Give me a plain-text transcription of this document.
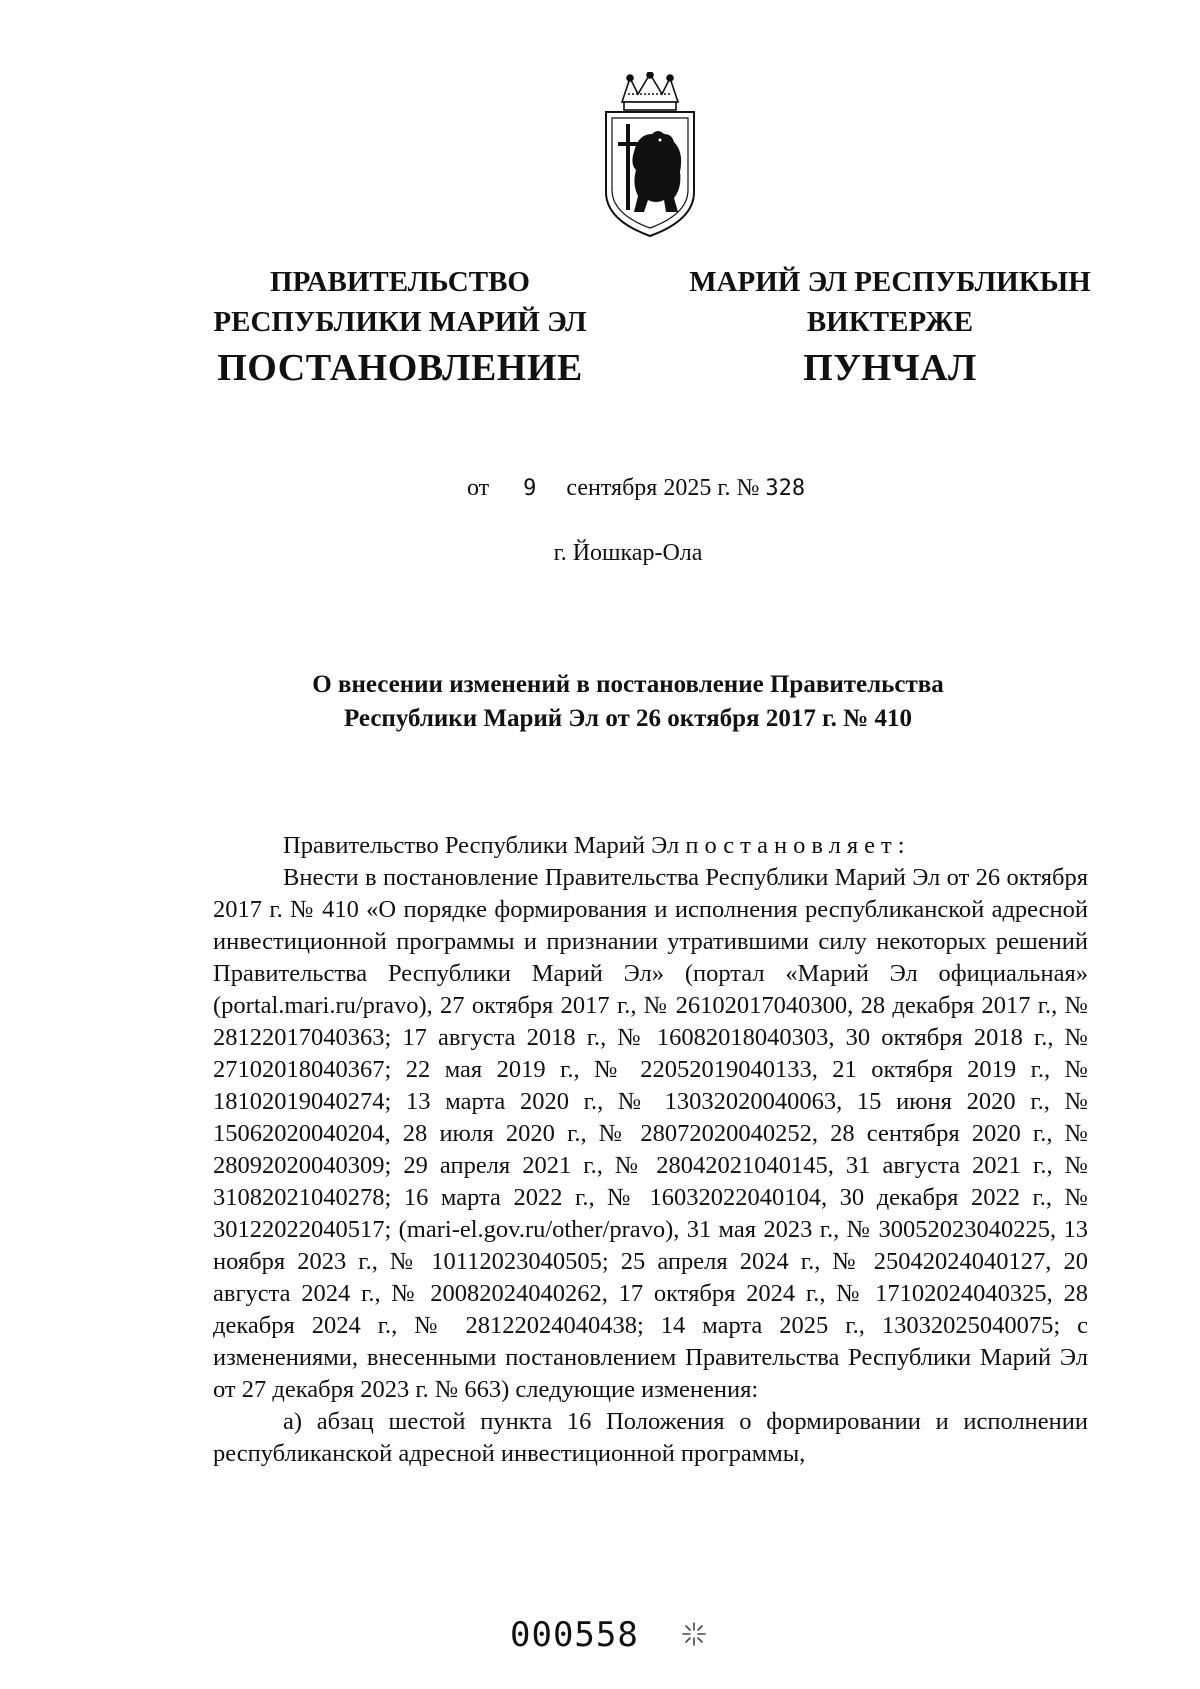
ПРАВИТЕЛЬСТВО
РЕСПУБЛИКИ МАРИЙ ЭЛ
ПОСТАНОВЛЕНИЕ
МАРИЙ ЭЛ РЕСПУБЛИКЫН
ВИКТЕРЖЕ
ПУНЧАЛ
от 9 сентября 2025 г. № 328
г. Йошкар-Ола
О внесении изменений в постановление Правительства
Республики Марий Эл от 26 октября 2017 г. № 410

Правительство Республики Марий Эл постановляет:

Внести в постановление Правительства Республики Марий Эл от 26 октября 2017 г. № 410 «О порядке формирования и исполнения республиканской адресной инвестиционной программы и признании утратившими силу некоторых решений Правительства Республики Марий Эл» (портал «Марий Эл официальная» (portal.mari.ru/pravo), 27 октября 2017 г., № 26102017040300, 28 декабря 2017 г., № 28122017040363; 17 августа 2018 г., № 16082018040303, 30 октября 2018 г., № 27102018040367; 22 мая 2019 г., № 22052019040133, 21 октября 2019 г., № 18102019040274; 13 марта 2020 г., № 13032020040063, 15 июня 2020 г., № 15062020040204, 28 июля 2020 г., № 28072020040252, 28 сентября 2020 г., № 28092020040309; 29 апреля 2021 г., № 28042021040145, 31 августа 2021 г., № 31082021040278; 16 марта 2022 г., № 16032022040104, 30 декабря 2022 г., № 30122022040517; (mari-el.gov.ru/other/pravo), 31 мая 2023 г., № 30052023040225, 13 ноября 2023 г., № 10112023040505; 25 апреля 2024 г., № 25042024040127, 20 августа 2024 г., № 20082024040262, 17 октября 2024 г., № 17102024040325, 28 декабря 2024 г., № 28122024040438; 14 марта 2025 г., 13032025040075; с изменениями, внесенными постановлением Правительства Республики Марий Эл от 27 декабря 2023 г. № 663) следующие изменения:

а) абзац шестой пункта 16 Положения о формировании и исполнении республиканской адресной инвестиционной программы,

000558
